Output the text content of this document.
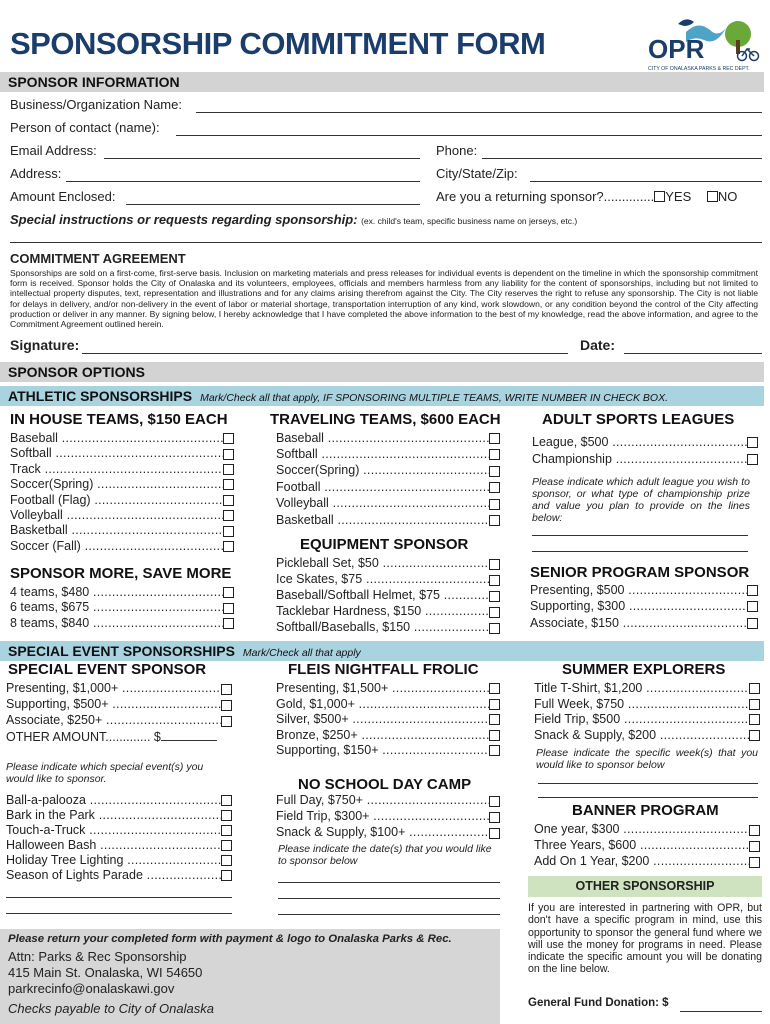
SPONSORSHIP COMMITMENT FORM	OPR
CITY OF ONALASKA PARKS & REC DEPT.
SPONSOR INFORMATION
Business/Organization Name:
Person of contact (name):
Email Address:	Phone:
Address:	City/State/Zip:
Amount Enclosed:	Are you a returning sponsor?.............. YES NO
Special instructions or requests regarding sponsorship: (ex. child's team, specific business name on jerseys, etc.)
COMMITMENT AGREEMENT
Sponsorships are sold on a first-come, first-serve basis. Inclusion on marketing materials and press releases for individual events is dependent on the timeline in which the sponsorship commitment form is received. Sponsor holds the City of Onalaska and its volunteers, employees, officials and members harmless from any liability for the content of sponsorships, including but not limited to intellectual property disputes, text, representation and illustrations and for any claims arising therefrom against the City. The City reserves the right to refuse any sponsorship. The City is not liable for delays in delivery, and/or non-delivery in the event of labor or material shortage, transportation interruption of any kind, work slowdown, or any condition beyond the control of the City affecting production or deliver in any manner. By signing below, I hereby acknowledge that I have completed the above information to the best of my knowledge, read the above information, and agree to the Commitment Agreement outlined herein.
Signature:	Date:
SPONSOR OPTIONS
ATHLETIC SPONSORSHIPS Mark/Check all that apply, IF SPONSORING MULTIPLE TEAMS, WRITE NUMBER IN CHECK BOX.
IN HOUSE TEAMS, $150 EACH
Baseball .....
Softball .....
Track .....
Soccer(Spring) .....
Football (Flag) .....
Volleyball .....
Basketball .....
Soccer (Fall) .....
SPONSOR MORE, SAVE MORE
4 teams, $480 .....
6 teams, $675 .....
8 teams, $840 .....
TRAVELING TEAMS, $600 EACH
Baseball .....
Softball .....
Soccer(Spring) .....
Football .....
Volleyball .....
Basketball .....
EQUIPMENT SPONSOR
Pickleball Set, $50 .....
Ice Skates, $75 .....
Baseball/Softball Helmet, $75 .....
Tacklebar Hardness, $150 .....
Softball/Baseballs, $150 .....
ADULT SPORTS LEAGUES
League, $500 .....
Championship .....
Please indicate which adult league you wish to sponsor, or what type of championship prize and value you plan to provide on the lines below:
SENIOR PROGRAM SPONSOR
Presenting, $500 .....
Supporting, $300 .....
Associate, $150 .....
SPECIAL EVENT SPONSORSHIPS Mark/Check all that apply
SPECIAL EVENT SPONSOR
Presenting, $1,000+ .....
Supporting, $500+ .....
Associate, $250+ .....
OTHER AMOUNT............. $
Please indicate which special event(s) you would like to sponsor.
Ball-a-palooza .....
Bark in the Park .....
Touch-a-Truck .....
Halloween Bash .....
Holiday Tree Lighting .....
Season of Lights Parade .....
FLEIS NIGHTFALL FROLIC
Presenting, $1,500+ .....
Gold, $1,000+ .....
Silver, $500+ .....
Bronze, $250+ .....
Supporting, $150+ .....
NO SCHOOL DAY CAMP
Full Day, $750+ .....
Field Trip, $300+ .....
Snack & Supply, $100+ .....
Please indicate the date(s) that you would like to sponsor below
SUMMER EXPLORERS
Title T-Shirt, $1,200 .....
Full Week, $750 .....
Field Trip, $500 .....
Snack & Supply, $200 .....
Please indicate the specific week(s) that you would like to sponsor below
BANNER PROGRAM
One year, $300 .....
Three Years, $600 .....
Add On 1 Year, $200 .....
OTHER SPONSORSHIP
If you are interested in partnering with OPR, but don't have a specific program in mind, use this opportunity to sponsor the general fund where we will use the money for programs in need. Please indicate the specific amount you will be donating on the line below.
General Fund Donation: $
Please return your completed form with payment & logo to Onalaska Parks & Rec.
Attn: Parks & Rec Sponsorship
415 Main St. Onalaska, WI 54650
parkrecinfo@onalaskawi.gov
Checks payable to City of Onalaska
